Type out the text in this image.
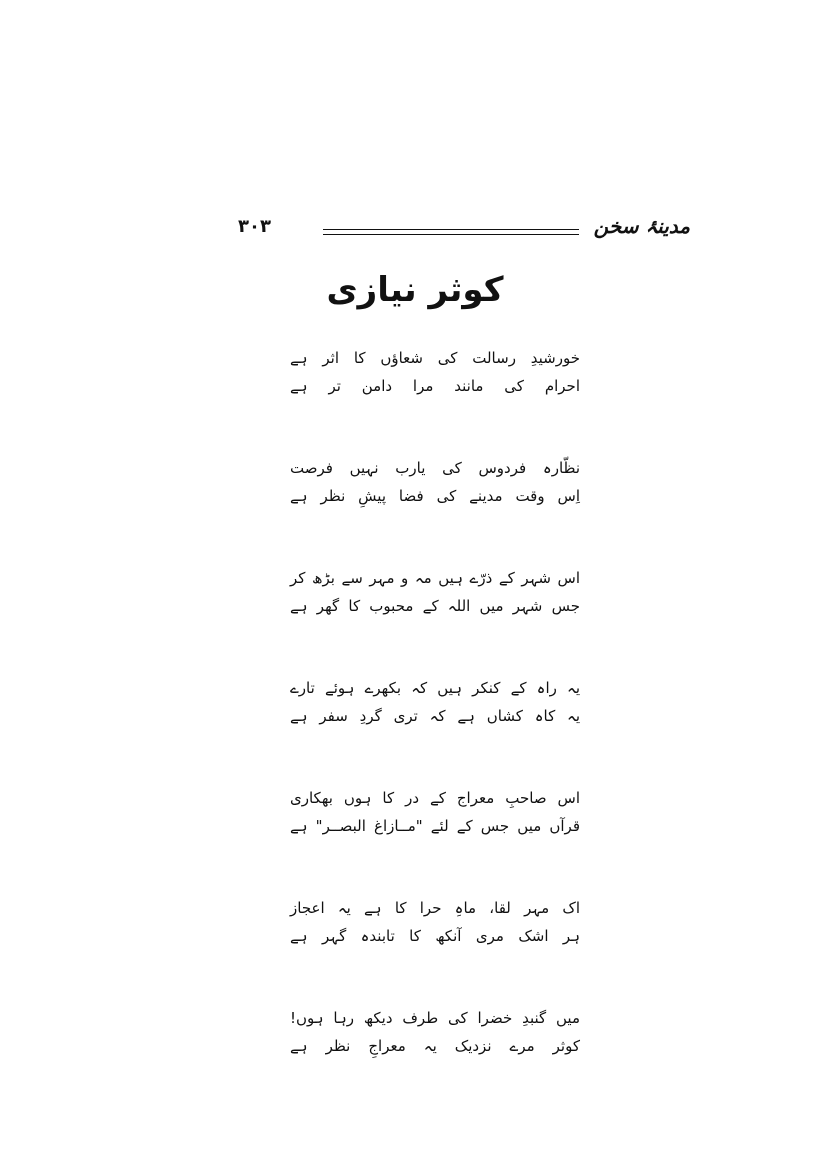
۳۰۳	مدینۂ سخن
کوثر نیازی
خورشیدِ رسالت کی شعاؤں کا اثر ہے
احرام کی مانند مرا دامن تر ہے
نظّارہ فردوس کی یارب نہیں فرصت
اِس وقت مدینے کی فضا پیشِ نظر ہے
اس شہر کے ذرّے ہیں مہ و مہر سے بڑھ کر
جس شہر میں اللہ کے محبوب کا گھر ہے
یہ راہ کے کنکر ہیں کہ بکھرے ہوئے تارے
یہ کاہ کشاں ہے کہ تری گردِ سفر ہے
اس صاحبِ معراج کے در کا ہوں بھکاری
قرآں میں جس کے لئے "مــازاغ البصــر" ہے
اک مہر لقا، ماہِ حرا کا ہے یہ اعجاز
ہر اشک مری آنکھ کا تابندہ گہر ہے
میں گنبدِ خضرا کی طرف دیکھ رہا ہوں!
کوثر مرے نزدیک یہ معراجِ نظر ہے
